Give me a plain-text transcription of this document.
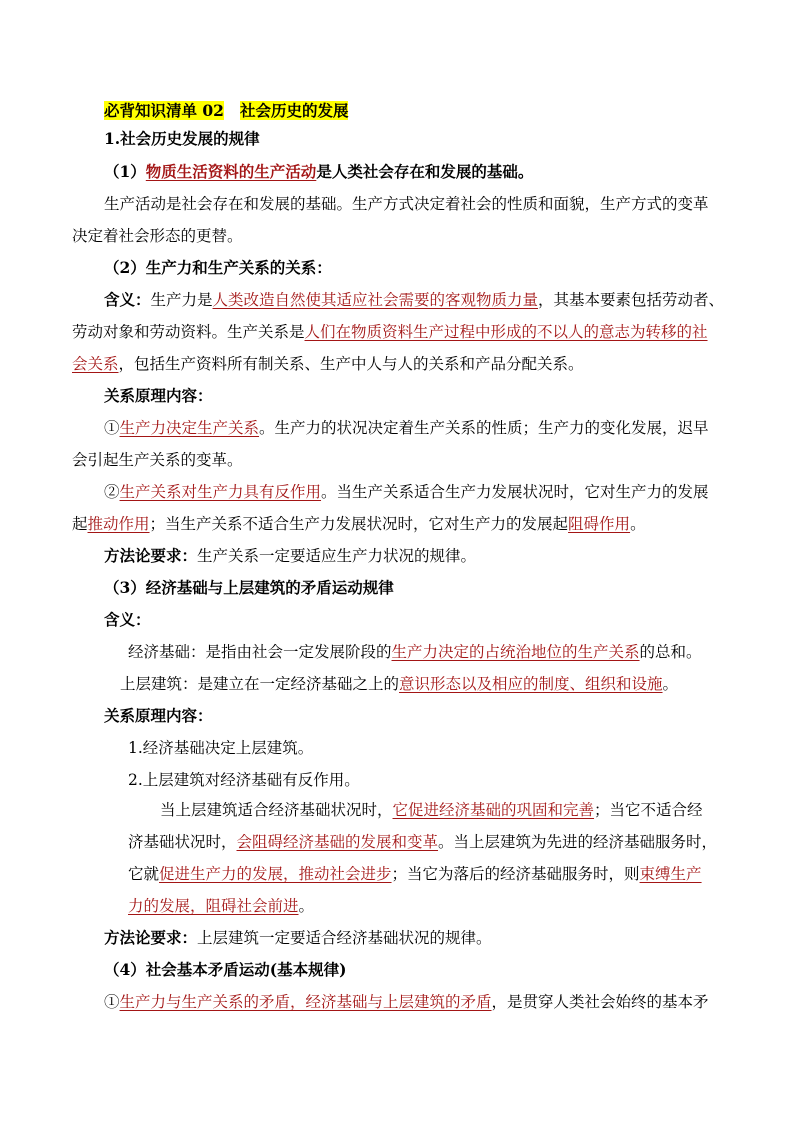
必背知识清单 02 社会历史的发展
1.社会历史发展的规律
（1）物质生活资料的生产活动是人类社会存在和发展的基础。
生产活动是社会存在和发展的基础。生产方式决定着社会的性质和面貌，生产方式的变革
决定着社会形态的更替。
（2）生产力和生产关系的关系：
含义：生产力是人类改造自然使其适应社会需要的客观物质力量，其基本要素包括劳动者、
劳动对象和劳动资料。生产关系是人们在物质资料生产过程中形成的不以人的意志为转移的社
会关系，包括生产资料所有制关系、生产中人与人的关系和产品分配关系。
关系原理内容：
①生产力决定生产关系。生产力的状况决定着生产关系的性质；生产力的变化发展，迟早
会引起生产关系的变革。
②生产关系对生产力具有反作用。当生产关系适合生产力发展状况时，它对生产力的发展
起推动作用；当生产关系不适合生产力发展状况时，它对生产力的发展起阻碍作用。
方法论要求：生产关系一定要适应生产力状况的规律。
（3）经济基础与上层建筑的矛盾运动规律
含义：
经济基础：是指由社会一定发展阶段的生产力决定的占统治地位的生产关系的总和。
上层建筑：是建立在一定经济基础之上的意识形态以及相应的制度、组织和设施。
关系原理内容：
1.经济基础决定上层建筑。
2.上层建筑对经济基础有反作用。
当上层建筑适合经济基础状况时，它促进经济基础的巩固和完善；当它不适合经
济基础状况时，会阻碍经济基础的发展和变革。当上层建筑为先进的经济基础服务时，
它就促进生产力的发展，推动社会进步；当它为落后的经济基础服务时，则束缚生产
力的发展，阻碍社会前进。
方法论要求：上层建筑一定要适合经济基础状况的规律。
（4）社会基本矛盾运动(基本规律)
①生产力与生产关系的矛盾，经济基础与上层建筑的矛盾，是贯穿人类社会始终的基本矛
